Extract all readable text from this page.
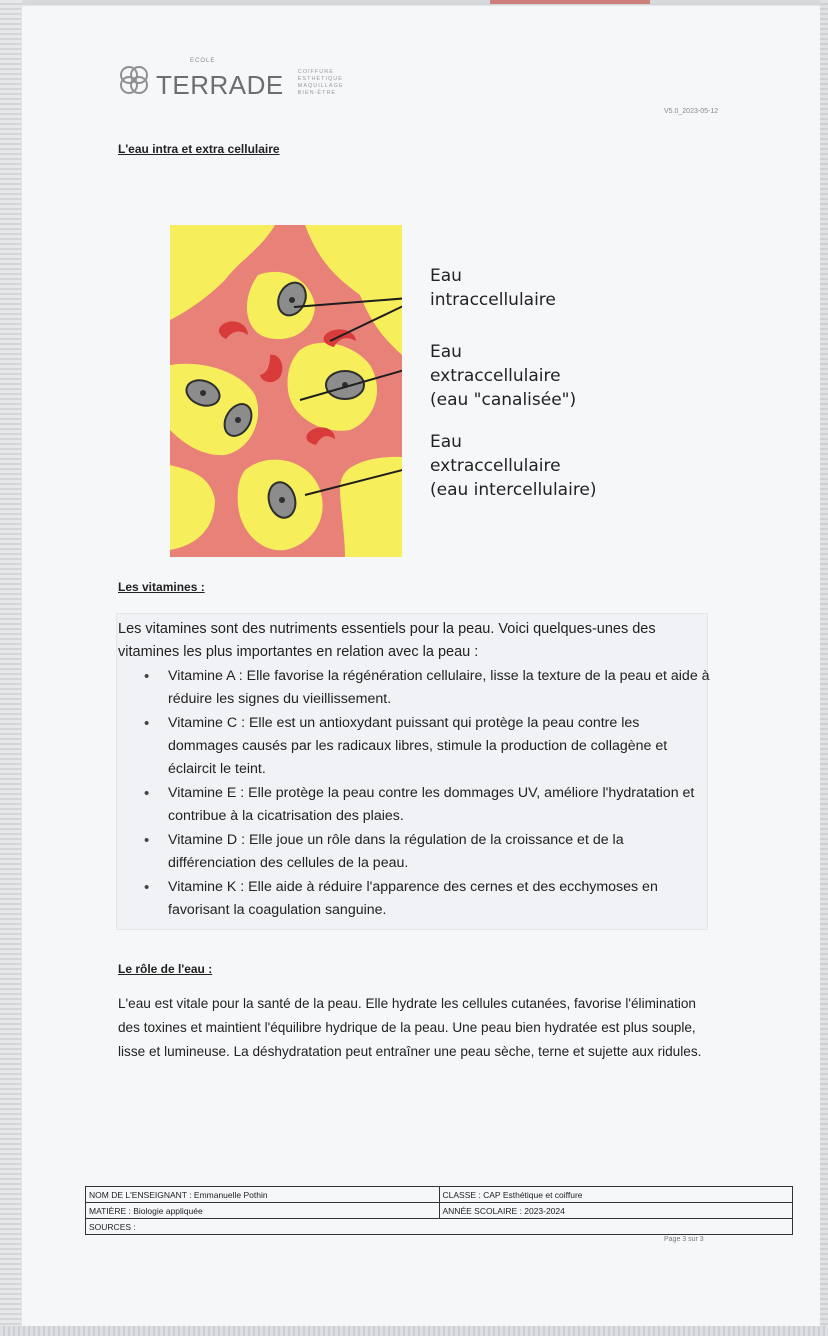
ECOLE
TERRADE	COIFFURE
ESTHÉTIQUE
MAQUILLAGE
BIEN-ÊTRE
V5.0_2023-05-12
L'eau intra et extra cellulaire
Eau
intraccellulaire
Eau
extraccellulaire
(eau "canalisée")
Eau
extraccellulaire
(eau intercellulaire)
Les vitamines :
Les vitamines sont des nutriments essentiels pour la peau. Voici quelques-unes des vitamines les plus importantes en relation avec la peau :
• Vitamine A : Elle favorise la régénération cellulaire, lisse la texture de la peau et aide à réduire les signes du vieillissement.
• Vitamine C : Elle est un antioxydant puissant qui protège la peau contre les dommages causés par les radicaux libres, stimule la production de collagène et éclaircit le teint.
• Vitamine E : Elle protège la peau contre les dommages UV, améliore l'hydratation et contribue à la cicatrisation des plaies.
• Vitamine D : Elle joue un rôle dans la régulation de la croissance et de la différenciation des cellules de la peau.
• Vitamine K : Elle aide à réduire l'apparence des cernes et des ecchymoses en favorisant la coagulation sanguine.
Le rôle de l'eau :
L'eau est vitale pour la santé de la peau. Elle hydrate les cellules cutanées, favorise l'élimination des toxines et maintient l'équilibre hydrique de la peau. Une peau bien hydratée est plus souple, lisse et lumineuse. La déshydratation peut entraîner une peau sèche, terne et sujette aux ridules.
NOM DE L'ENSEIGNANT : Emmanuelle Pothin	CLASSE : CAP Esthétique et coiffure
MATIÈRE : Biologie appliquée	ANNÉE SCOLAIRE : 2023-2024
SOURCES :	
Page 3 sur 3
